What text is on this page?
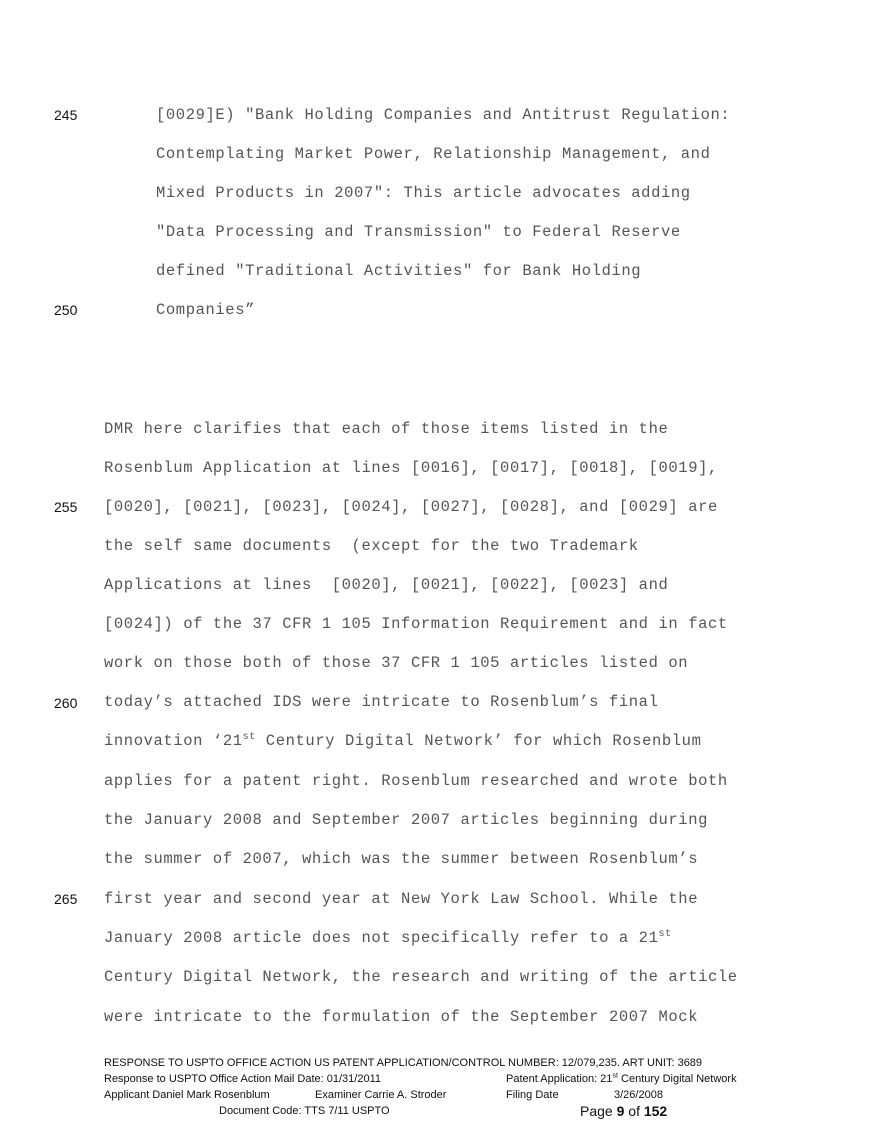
245
250
255
260
265
[0029]E) "Bank Holding Companies and Antitrust Regulation:
Contemplating Market Power, Relationship Management, and
Mixed Products in 2007": This article advocates adding
"Data Processing and Transmission" to Federal Reserve
defined "Traditional Activities" for Bank Holding
Companies”
DMR here clarifies that each of those items listed in the
Rosenblum Application at lines [0016], [0017], [0018], [0019],
[0020], [0021], [0023], [0024], [0027], [0028], and [0029] are
the self same documents  (except for the two Trademark
Applications at lines  [0020], [0021], [0022], [0023] and
[0024]) of the 37 CFR 1 105 Information Requirement and in fact
work on those both of those 37 CFR 1 105 articles listed on
today’s attached IDS were intricate to Rosenblum’s final
innovation ‘21st Century Digital Network’ for which Rosenblum
applies for a patent right. Rosenblum researched and wrote both
the January 2008 and September 2007 articles beginning during
the summer of 2007, which was the summer between Rosenblum’s
first year and second year at New York Law School. While the
January 2008 article does not specifically refer to a 21st
Century Digital Network, the research and writing of the article
were intricate to the formulation of the September 2007 Mock
RESPONSE TO USPTO OFFICE ACTION US PATENT APPLICATION/CONTROL NUMBER: 12/079,235. ART UNIT: 3689
Response to USPTO Office Action Mail Date: 01/31/2011	Patent Application: 21st Century Digital Network
Applicant Daniel Mark Rosenblum	Examiner Carrie A. Stroder	Filing Date	3/26/2008
Document Code: TTS 7/11 USPTO	Page 9 of 152
